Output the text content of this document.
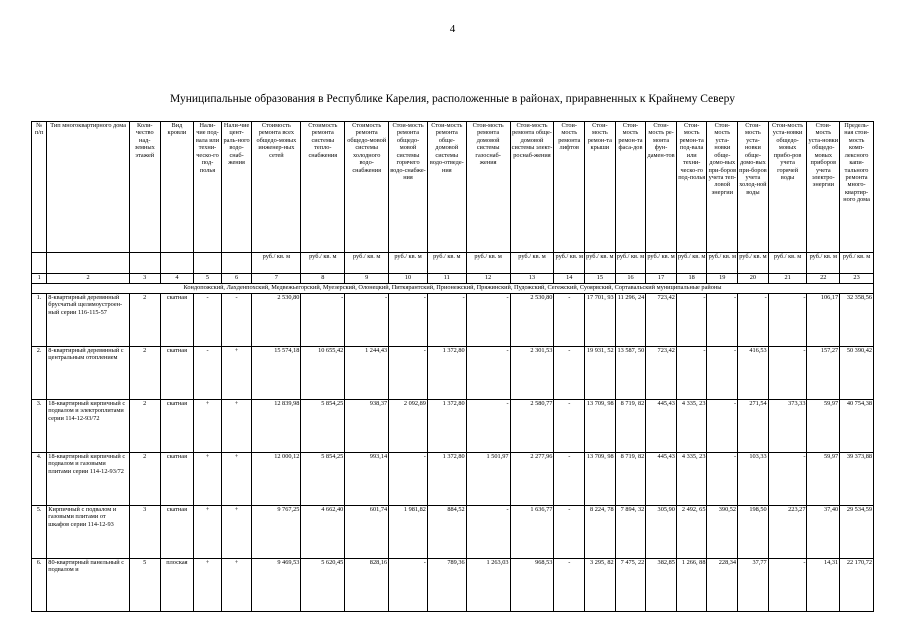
4
Муниципальные образования в Республике Карелия, расположенные в районах, приравненных к Крайнему Северу
№ п/п	Тип многоквартирного дома	Коли-чество над-земных этажей	Вид кровли	Нали-чие под-вала или техни-ческо-го под-полья	Нали-чие цент-раль-ного водо-снаб-жения	Стоимость ремонта всех общедо-мовых инженер-ных сетей	Стоимость ремонта системы тепло-снабжения	Стоимость ремонта общедо-мовой системы холодного водо-снабжения	Стои-мость ремонта общедо-мовой системы горячего водо-снабже-ния	Стои-мость ремонта обще-домовой системы водо-отведе-ния	Стои-мость ремонта домовой системы газоснаб-жения	Стои-мость ремонта обще-домовой системы элект-роснаб-жения	Стои-мость ремонта лифтов	Стои-мость ремон-та крыши	Стои-мость ремон-та фаса-дов	Стои-мость ре-монта фун-дамен-тов	Стои-мость ремон-та под-вала или техни-ческо-го под-полья	Стои-мость уста-новки обще-домо-вых при-боров учета теп-ловой энергии	Стои-мость уста-новки обще-домо-вых при-боров учета холод-ной воды	Стои-мость уста-новки общедо-мовых прибо-ров учета горячей воды	Стои-мость уста-новки общедо-мовых приборов учета электро-энергии	Предель-ная стои-мость комп-лексного капи-тального ремонта много-квартир-ного дома
						руб./ кв. м	руб./ кв. м	руб./ кв. м	руб./ кв. м	руб./ кв. м	руб./ кв. м	руб./ кв. м	руб./ кв. м	руб./ кв. м	руб./ кв. м	руб./ кв. м	руб./ кв. м	руб./ кв. м	руб./ кв. м	руб./ кв. м	руб./ кв. м	руб./ кв. м
1	2	3	4	5	6	7	8	9	10	11	12	13	14	15	16	17	18	19	20	21	22	23
Кондопожский, Лахденпохский, Медвежьегорский, Муезерский, Олонецкий, Питкярантский, Прионежский, Пряжинский, Пудожский, Сегежский, Суоярвский, Сортавальский муниципальные районы																						
1.	8-квартирный деревянный брусчатый щелямоустроен-ный серии 116-115-57	2	скатная	-	-	2 530,80	-	-	-	-	-	2 530,80	-	17 701, 93	11 296, 24	723,42	-	-	-	-	106,17	32 358,56
2.	8-квартирный деревянный с центральным отоплением	2	скатная	-	+	15 574,18	10 655,42	1 244,43	-	1 372,80	-	2 301,53	-	19 931, 52	13 587, 50	723,42	-	-	416,53	-	157,27	50 390,42
3.	18-квартирный кирпичный с подвалом и электроплитами серии 114-12-93/72	2	скатная	+	+	12 839,98	5 854,25	938,37	2 092,89	1 372,80	-	2 580,77	-	13 709, 98	8 719, 82	445,43	4 335, 23	-	271,54	373,33	59,97	40 754,38
4.	18-квартирный кирпичный с подвалом и газовыми плитами серии 114-12-93/72	2	скатная	+	+	12 000,12	5 854,25	993,14	-	1 372,80	1 501,97	2 277,96	-	13 709, 98	8 719, 82	445,43	4 335, 23	-	103,33	-	59,97	39 373,88
5.	Кирпичный с подвалом и газовыми плитами от шкафов серии 114-12-93	3	скатная	+	+	9 767,25	4 662,40	601,74	1 981,82	884,52	-	1 636,77	-	8 224, 78	7 894, 32	305,90	2 492, 65	390,52	198,50	223,27	37,40	29 534,59
6.	80-квартирный панельный с подвалом и	5	плоская	+	+	9 469,53	5 620,45	828,16	-	789,36	1 263,03	968,53	-	3 295, 82	7 475, 22	382,85	1 266, 88	228,34	37,77	-	14,31	22 170,72
